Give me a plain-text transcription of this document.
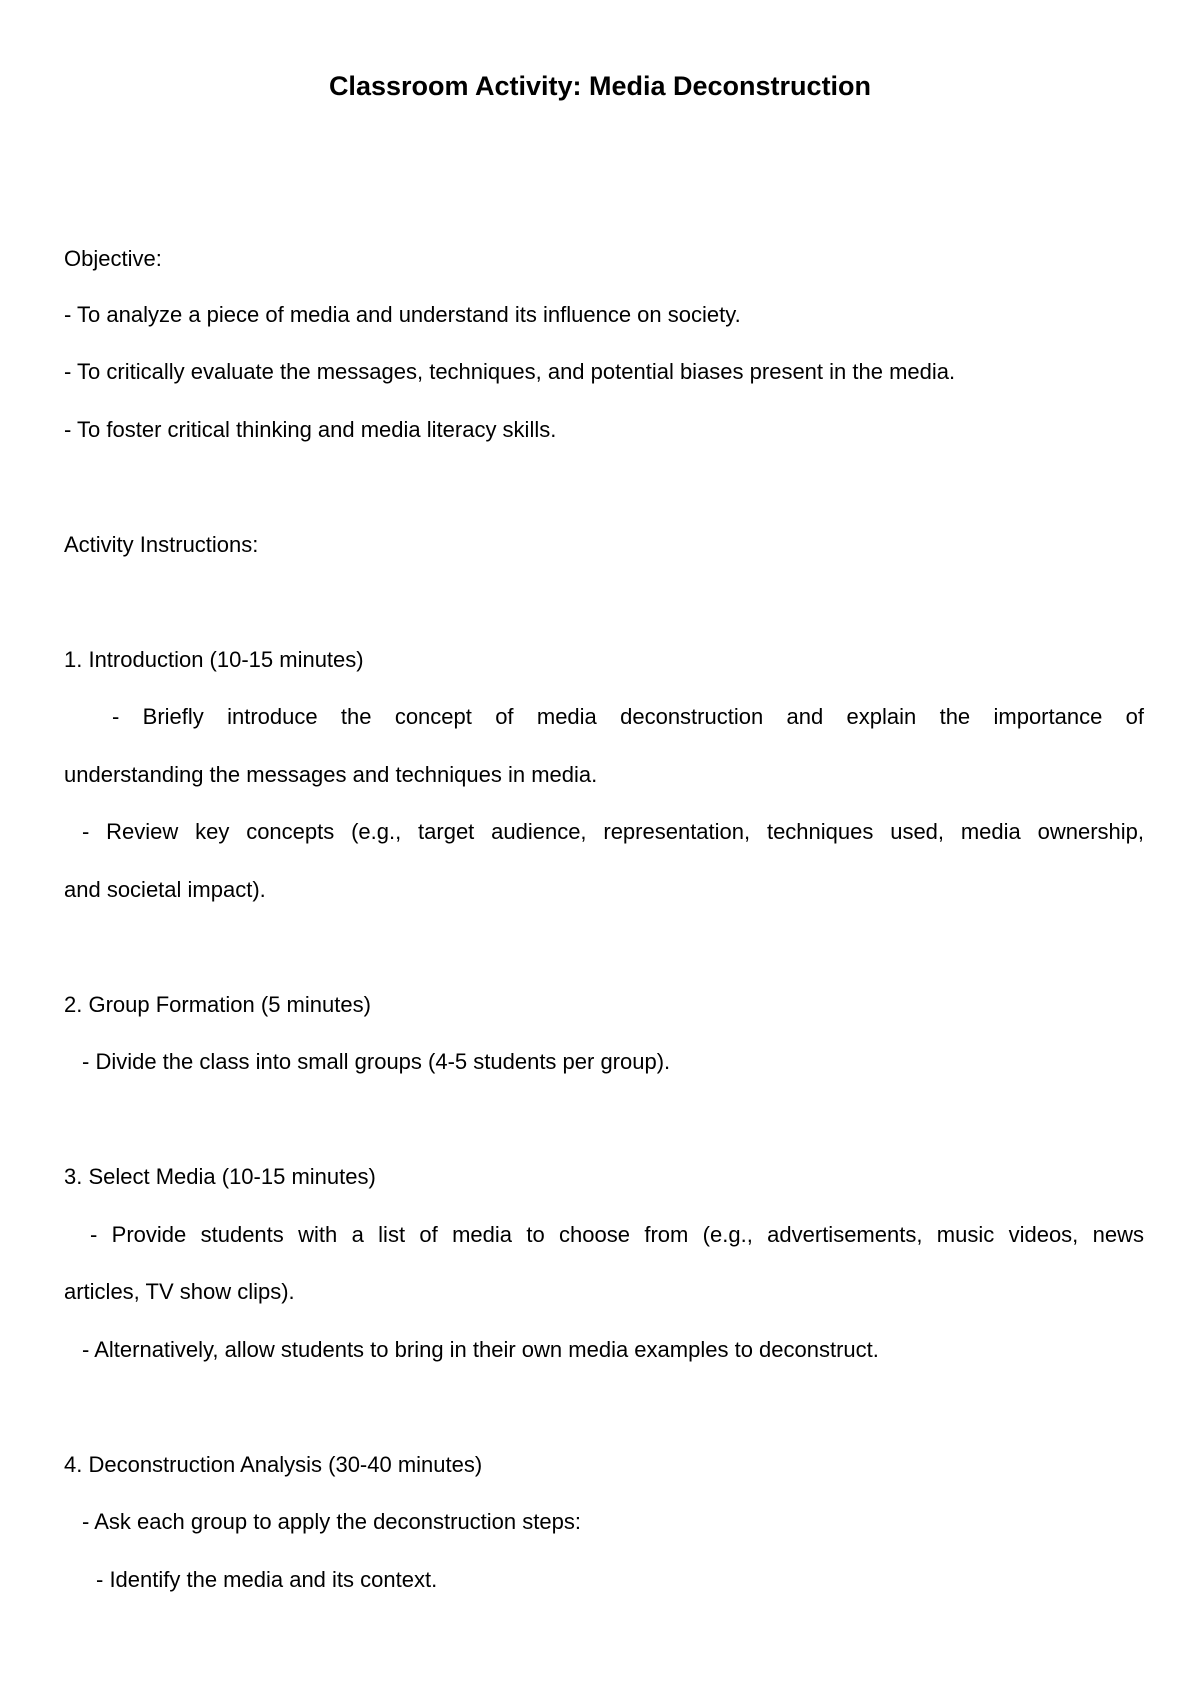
Classroom Activity: Media Deconstruction
Objective:
- To analyze a piece of media and understand its influence on society.
- To critically evaluate the messages, techniques, and potential biases present in the media.
- To foster critical thinking and media literacy skills.
Activity Instructions:
1. Introduction (10-15 minutes)
- Briefly introduce the concept of media deconstruction and explain the importance of
understanding the messages and techniques in media.
- Review key concepts (e.g., target audience, representation, techniques used, media ownership,
and societal impact).
2. Group Formation (5 minutes)
- Divide the class into small groups (4-5 students per group).
3. Select Media (10-15 minutes)
- Provide students with a list of media to choose from (e.g., advertisements, music videos, news
articles, TV show clips).
- Alternatively, allow students to bring in their own media examples to deconstruct.
4. Deconstruction Analysis (30-40 minutes)
- Ask each group to apply the deconstruction steps:
- Identify the media and its context.
